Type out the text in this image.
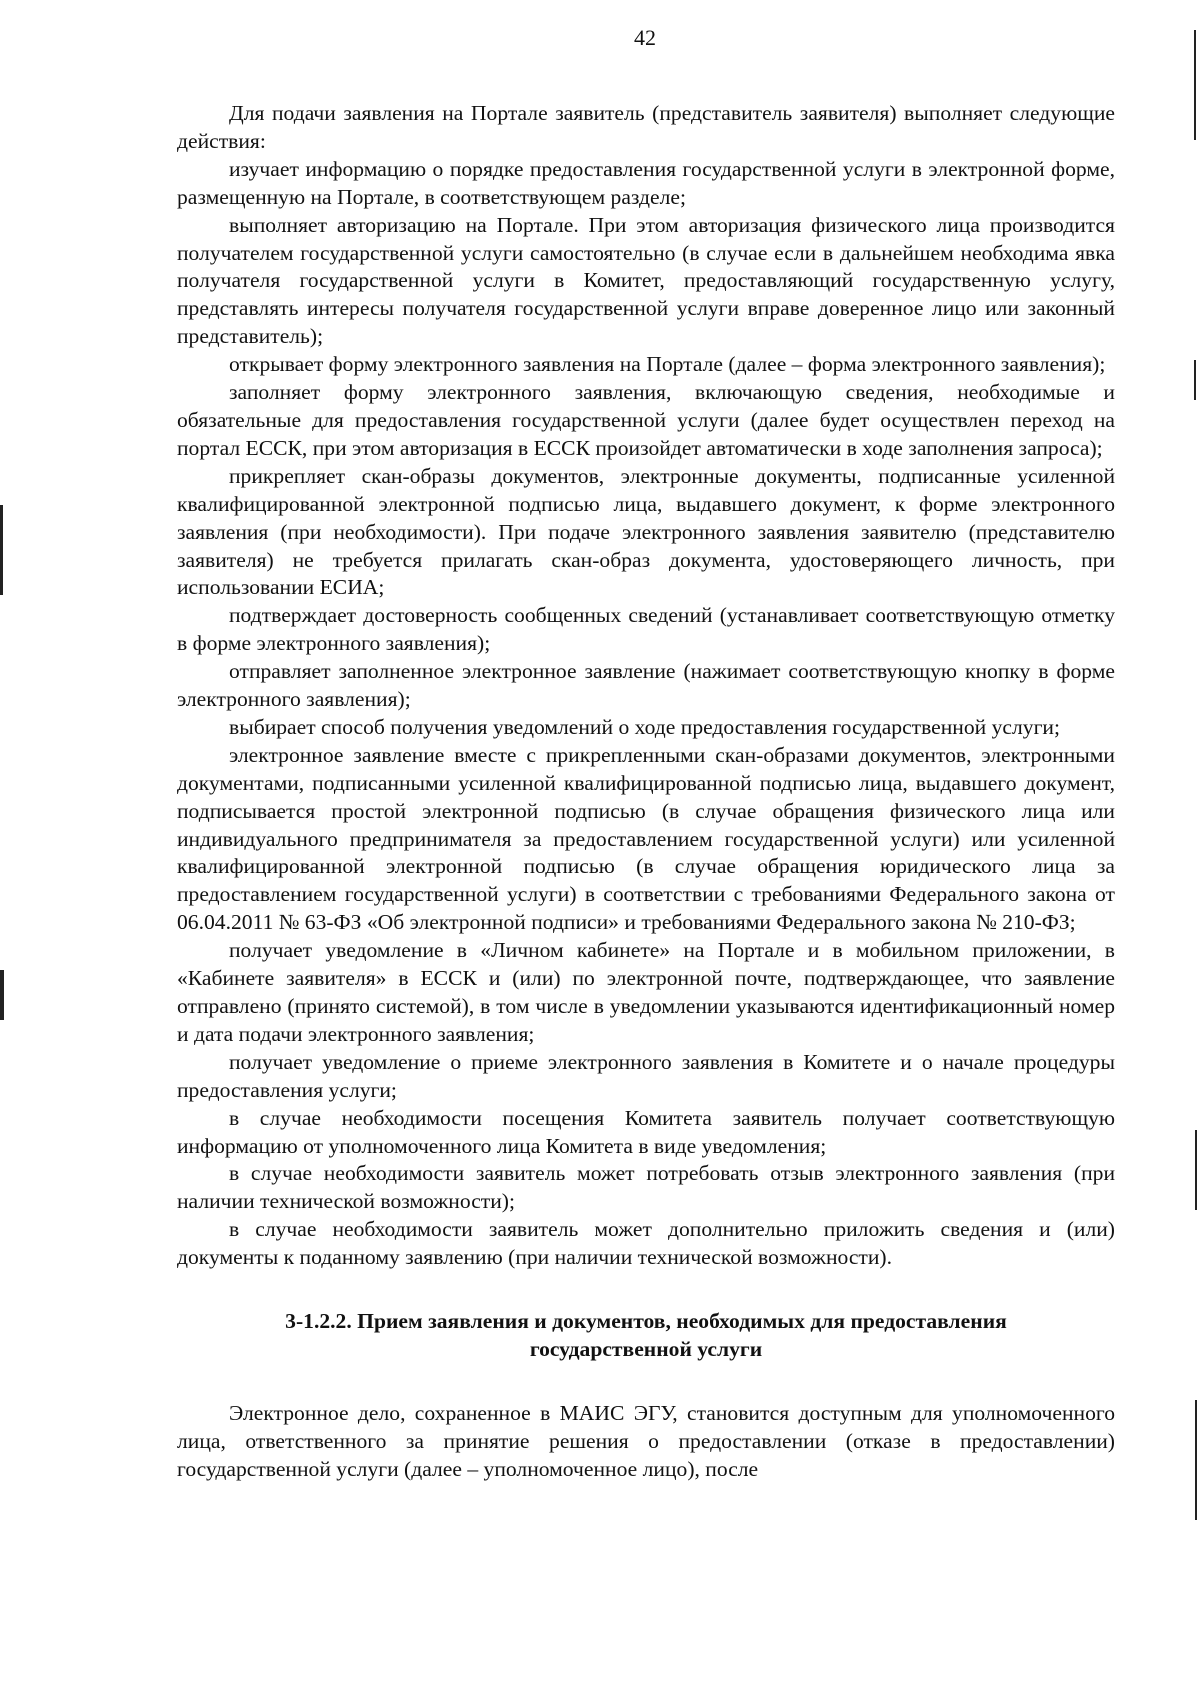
42

Для подачи заявления на Портале заявитель (представитель заявителя) выполняет следующие действия:

изучает информацию о порядке предоставления государственной услуги в электронной форме, размещенную на Портале, в соответствующем разделе;

выполняет авторизацию на Портале. При этом авторизация физического лица производится получателем государственной услуги самостоятельно (в случае если в дальнейшем необходима явка получателя государственной услуги в Комитет, предоставляющий государственную услугу, представлять интересы получателя государственной услуги вправе доверенное лицо или законный представитель);

открывает форму электронного заявления на Портале (далее – форма электронного заявления);

заполняет форму электронного заявления, включающую сведения, необходимые и обязательные для предоставления государственной услуги (далее будет осуществлен переход на портал ЕССК, при этом авторизация в ЕССК произойдет автоматически в ходе заполнения запроса);

прикрепляет скан-образы документов, электронные документы, подписанные усиленной квалифицированной электронной подписью лица, выдавшего документ, к форме электронного заявления (при необходимости). При подаче электронного заявления заявителю (представителю заявителя) не требуется прилагать скан-образ документа, удостоверяющего личность, при использовании ЕСИА;

подтверждает достоверность сообщенных сведений (устанавливает соответствующую отметку в форме электронного заявления);

отправляет заполненное электронное заявление (нажимает соответствующую кнопку в форме электронного заявления);

выбирает способ получения уведомлений о ходе предоставления государственной услуги;

электронное заявление вместе с прикрепленными скан-образами документов, электронными документами, подписанными усиленной квалифицированной подписью лица, выдавшего документ, подписывается простой электронной подписью (в случае обращения физического лица или индивидуального предпринимателя за предоставлением государственной услуги) или усиленной квалифицированной электронной подписью (в случае обращения юридического лица за предоставлением государственной услуги) в соответствии с требованиями Федерального закона от 06.04.2011 № 63-ФЗ «Об электронной подписи» и требованиями Федерального закона № 210-ФЗ;

получает уведомление в «Личном кабинете» на Портале и в мобильном приложении, в «Кабинете заявителя» в ЕССК и (или) по электронной почте, подтверждающее, что заявление отправлено (принято системой), в том числе в уведомлении указываются идентификационный номер и дата подачи электронного заявления;

получает уведомление о приеме электронного заявления в Комитете и о начале процедуры предоставления услуги;

в случае необходимости посещения Комитета заявитель получает соответствующую информацию от уполномоченного лица Комитета в виде уведомления;

в случае необходимости заявитель может потребовать отзыв электронного заявления (при наличии технической возможности);

в случае необходимости заявитель может дополнительно приложить сведения и (или) документы к поданному заявлению (при наличии технической возможности).

3-1.2.2. Прием заявления и документов, необходимых для предоставления
государственной услуги

Электронное дело, сохраненное в МАИС ЭГУ, становится доступным для уполномоченного лица, ответственного за принятие решения о предоставлении (отказе в предоставлении) государственной услуги (далее – уполномоченное лицо), после
